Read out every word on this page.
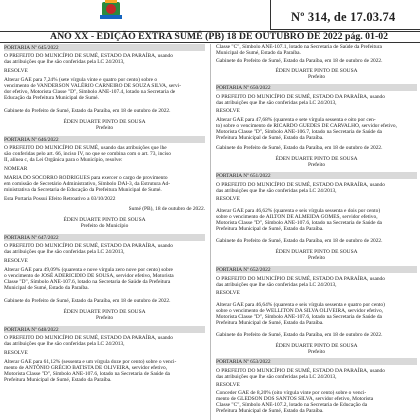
Nº 314, de 17.03.74
ANO XX - EDIÇÃO EXTRA SUMÉ (PB) 18 DE OUTUBRO DE 2022 pág. 01-02
PORTARIA Nº 645/2022
O PREFEITO DO MUNICÍPIO DE SUMÉ, ESTADO DA PARAÍBA, usando
das atribuições que lhe são conferidas pela LC 24/2013,
RESOLVE
Alterar GAE para 7,24% (sete vírgula vinte e quatro por cento) sobre o
vencimento de VANDERSON VALÉRIO CARNEIRO DE SOUZA SILVA, servi-
dor efetivo, Motorista Classe "D", Símbolo ANE-107.4, lotado na Secretaria de
Educação da Prefeitura Municipal de Sumé.
Gabinete do Prefeito de Sumé, Estado da Paraíba, em 18 de outubro de 2022.
ÉDEN DUARTE PINTO DE SOUSA
Prefeito
PORTARIA Nº 646/2022
O PREFEITO DO MUNICÍPIO DE SUMÉ, usando das atribuições que lhe
são conferidas pelo art. 66, inciso IV, no que se combina com o art. 73, inciso
II, alínea c, da Lei Orgânica para o Município, resolve:
NOMEAR
MARIA DO SOCORRO RODRIGUES para exercer o cargo de provimento
em comissão de Secretário Administrativo, Símbolo DAI-3, da Estrutura Ad-
ministrativa da Secretaria de Educação da Prefeitura Municipal de Sumé.
Esta Portaria Possui Efeito Retroativo a 03/10/2022
Sumé (PB), 18 de outubro de 2022.
ÉDEN DUARTE PINTO DE SOUSA
Prefeito do Município
PORTARIA Nº 647/2022
O PREFEITO DO MUNICÍPIO DE SUMÉ, ESTADO DA PARAÍBA, usando
das atribuições que lhe são conferidas pela LC 24/2013,
RESOLVE
Alterar GAE para 49,09% (quarenta e nove vírgula zero nove por cento) sobre
o vencimento de JOSÉ ADERICIDIO DE SOUSA, servidor efetivo, Motorista
Classe "D", Símbolo ANE-107.6, lotado na Secretaria de Saúde da Prefeitura
Municipal de Sumé, Estado da Paraíba.
Gabinete do Prefeito de Sumé, Estado da Paraíba, em 18 de outubro de 2022.
ÉDEN DUARTE PINTO DE SOUSA
Prefeito
PORTARIA Nº 648/2022
O PREFEITO DO MUNICÍPIO DE SUMÉ, ESTADO DA PARAÍBA, usando
das atribuições que lhe são conferidas pela LC 24/2013,
RESOLVE
Alterar GAE para 61,12% (sessenta e um vírgula doze por cento) sobre o venci-
mento de ANTÔNIO GRÉCIO BATISTA DE OLIVEIRA, servidor efetivo,
Motorista Classe "D", Símbolo ANE-107.6, lotado na Secretaria de Saúde da
Prefeitura Municipal de Sumé, Estado da Paraíba.
Classe "C", Símbolo ANE-107.1, lotado na Secretaria de Saúde da Prefeitura
Municipal de Sumé, Estado da Paraíba.
Gabinete do Prefeito de Sumé, Estado da Paraíba, em 18 de outubro de 2022.
ÉDEN DUARTE PINTO DE SOUSA
Prefeito
PORTARIA Nº 650/2022
O PREFEITO DO MUNICÍPIO DE SUMÉ, ESTADO DA PARAÍBA, usando
das atribuições que lhe são conferidas pela LC 24/2013,
RESOLVE
Alterar GAE para 47,68% (quarenta e sete vírgula sessenta e oito por cen-
to) sobre o vencimento de RICARDO GUEDES DE CARVALHO, servidor efetivo,
Motorista Classe "D", Símbolo ANE-106.7, lotado na Secretaria de Saúde da
Prefeitura Municipal de Sumé, Estado da Paraíba.
Gabinete do Prefeito de Sumé, Estado da Paraíba, em 18 de outubro de 2022.
ÉDEN DUARTE PINTO DE SOUSA
Prefeito
PORTARIA Nº 651/2022
O PREFEITO DO MUNICÍPIO DE SUMÉ, ESTADO DA PARAÍBA, usando
das atribuições que lhe são conferidas pela LC 24/2013,
RESOLVE
Alterar GAE para 46,62% (quarenta e seis vírgula sessenta e dois por cento)
sobre o vencimento de AILTON DE ALMEIDA GOMES, servidor efetivo,
Motorista Classe "D", Símbolo ANE-107.6, lotado na Secretaria de Saúde da
Prefeitura Municipal de Sumé, Estado da Paraíba.
Gabinete do Prefeito de Sumé, Estado da Paraíba, em 18 de outubro de 2022.
ÉDEN DUARTE PINTO DE SOUSA
Prefeito
PORTARIA Nº 652/2022
O PREFEITO DO MUNICÍPIO DE SUMÉ, ESTADO DA PARAÍBA, usando
das atribuições que lhe são conferidas pela LC 24/2013,
RESOLVE
Alterar GAE para 46,64% (quarenta e seis vírgula sessenta e quatro por cento)
sobre o vencimento de WELLITON DA SILVA OLIVEIRA, servidor efetivo,
Motorista Classe "D", Símbolo ANE-107.6, lotado na Secretaria de Saúde da
Prefeitura Municipal de Sumé, Estado da Paraíba.
Gabinete do Prefeito de Sumé, Estado da Paraíba, em 18 de outubro de 2022.
ÉDEN DUARTE PINTO DE SOUSA
Prefeito
PORTARIA Nº 653/2022
O PREFEITO DO MUNICÍPIO DE SUMÉ, ESTADO DA PARAÍBA, usando
das atribuições que lhe são conferidas pela LC 24/2013,
RESOLVE
Conceder GAE de 8,20% (oito vírgula vinte por cento) sobre o venci-
mento de GLEDSON DOS SANTOS SILVA, servidor efetivo, Motorista
Classe "C", Símbolo ANE-107.2, lotado na Secretaria de Educação da
Prefeitura Municipal de Sumé, Estado da Paraíba.
